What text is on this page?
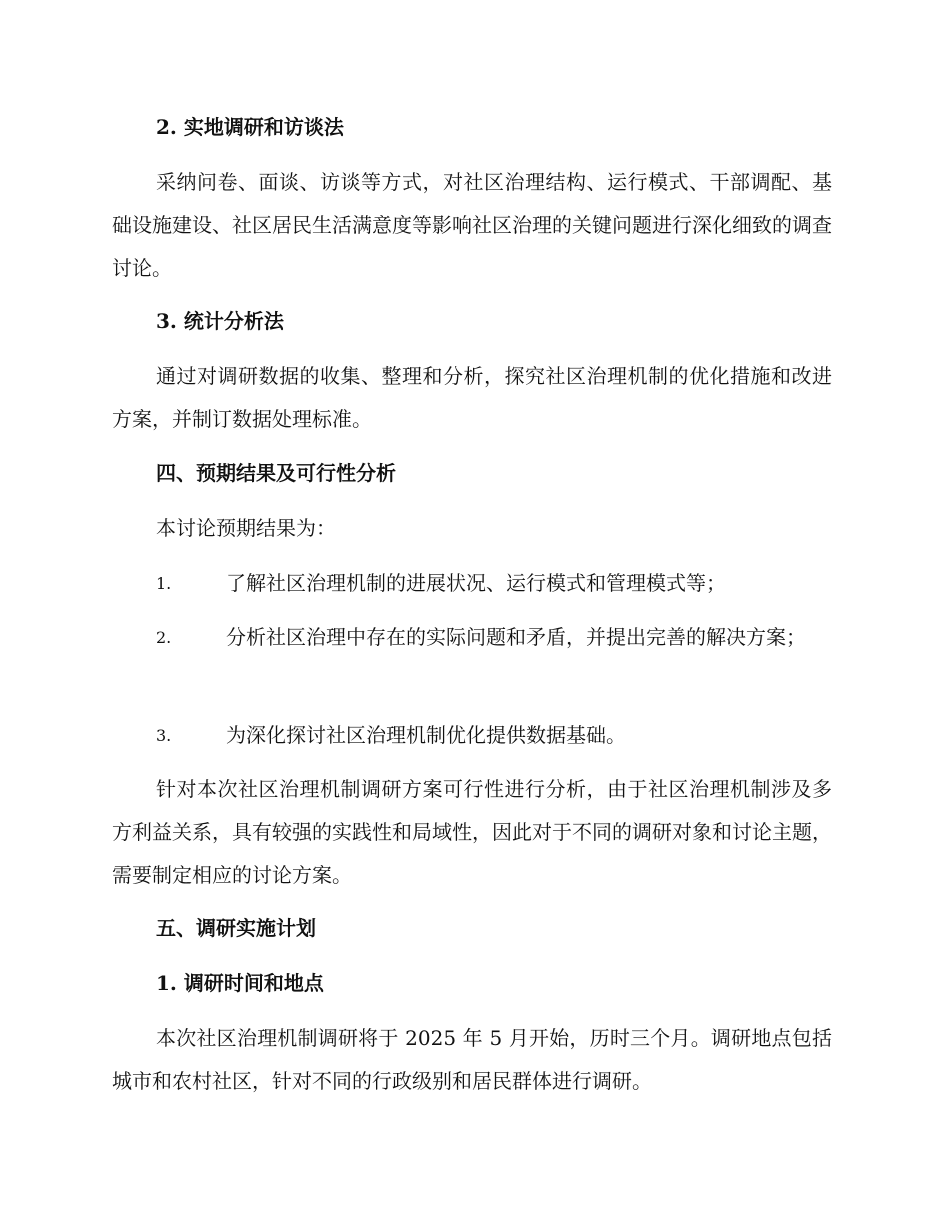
2. 实地调研和访谈法

采纳问卷、面谈、访谈等方式，对社区治理结构、运行模式、干部调配、基础设施建设、社区居民生活满意度等影响社区治理的关键问题进行深化细致的调查讨论。

3. 统计分析法

通过对调研数据的收集、整理和分析，探究社区治理机制的优化措施和改进方案，并制订数据处理标准。

四、预期结果及可行性分析

本讨论预期结果为：

1.	了解社区治理机制的进展状况、运行模式和管理模式等；
2.	分析社区治理中存在的实际问题和矛盾，并提出完善的解决方案；
3.	为深化探讨社区治理机制优化提供数据基础。

针对本次社区治理机制调研方案可行性进行分析，由于社区治理机制涉及多方利益关系，具有较强的实践性和局域性，因此对于不同的调研对象和讨论主题，需要制定相应的讨论方案。

五、调研实施计划

1. 调研时间和地点

本次社区治理机制调研将于 2025 年 5 月开始，历时三个月。调研地点包括城市和农村社区，针对不同的行政级别和居民群体进行调研。
